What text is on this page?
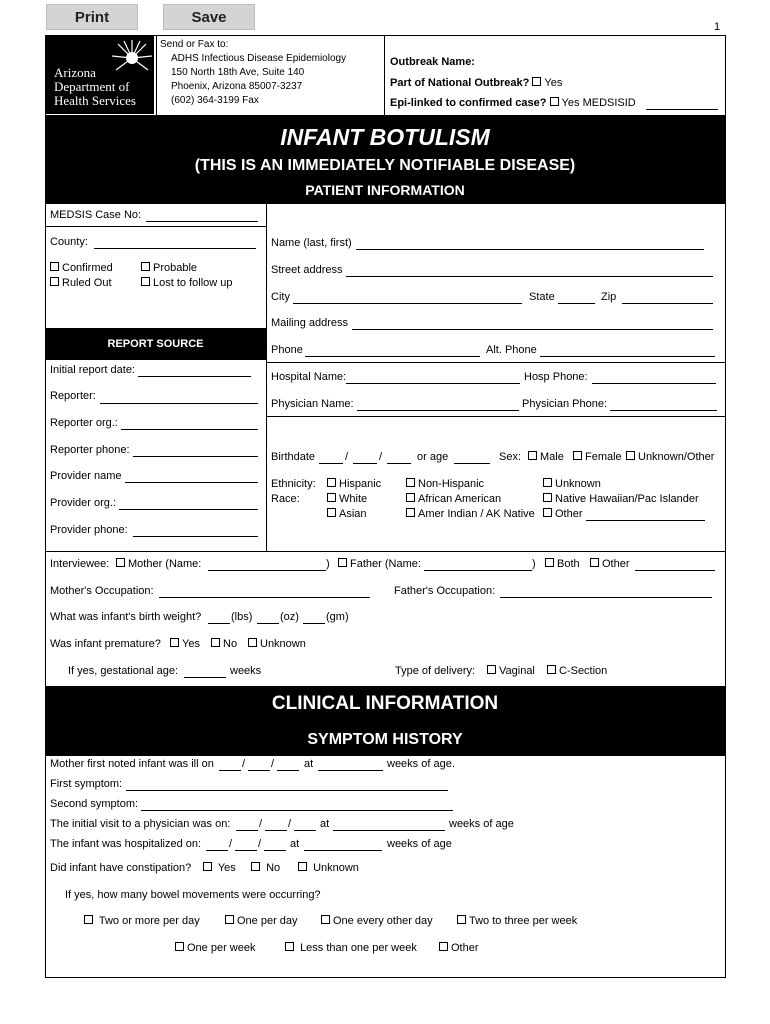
Print	Save
1
Arizona
Department of
Health Services
Send or Fax to:
ADHS Infectious Disease Epidemiology
150 North 18th Ave, Suite 140
Phoenix, Arizona 85007-3237
(602) 364-3199 Fax
Outbreak Name:
Part of National Outbreak? Yes
Epi-linked to confirmed case? Yes MEDSISID
INFANT BOTULISM
(THIS IS AN IMMEDIATELY NOTIFIABLE DISEASE)
PATIENT INFORMATION
MEDSIS Case No:
County:
Confirmed	Probable
Ruled Out	Lost to follow up
REPORT SOURCE
Initial report date:
Reporter:
Reporter org.:
Reporter phone:
Provider name
Provider org.:
Provider phone:
Name (last, first)
Street address
City	State	Zip
Mailing address
Phone	Alt. Phone
Hospital Name:	Hosp Phone:
Physician Name:	Physician Phone:
Birthdate	/	/	or age	Sex:	Male	Female	Unknown/Other
Ethnicity:	Hispanic	Non-Hispanic	Unknown
Race:	White	African American	Native Hawaiian/Pac Islander
Asian	Amer Indian / AK Native	Other
Interviewee:	Mother (Name:	)	Father (Name:	)	Both	Other
Mother's Occupation:	Father's Occupation:
What was infant's birth weight?	(lbs)	(oz) (gm)
Was infant premature?	Yes	No	Unknown
If yes, gestational age:	weeks	Type of delivery:	Vaginal	C-Section
CLINICAL INFORMATION
SYMPTOM HISTORY
Mother first noted infant was ill on	/ /	at	weeks of age.
First symptom:
Second symptom:
The initial visit to a physician was on:	/ /	at	weeks of age
The infant was hospitalized on:	/ /	at	weeks of age
Did infant have constipation?	Yes	No	Unknown
If yes, how many bowel movements were occurring?
Two or more per day	One per day	One every other day	Two to three per week
One per week	Less than one per week	Other
